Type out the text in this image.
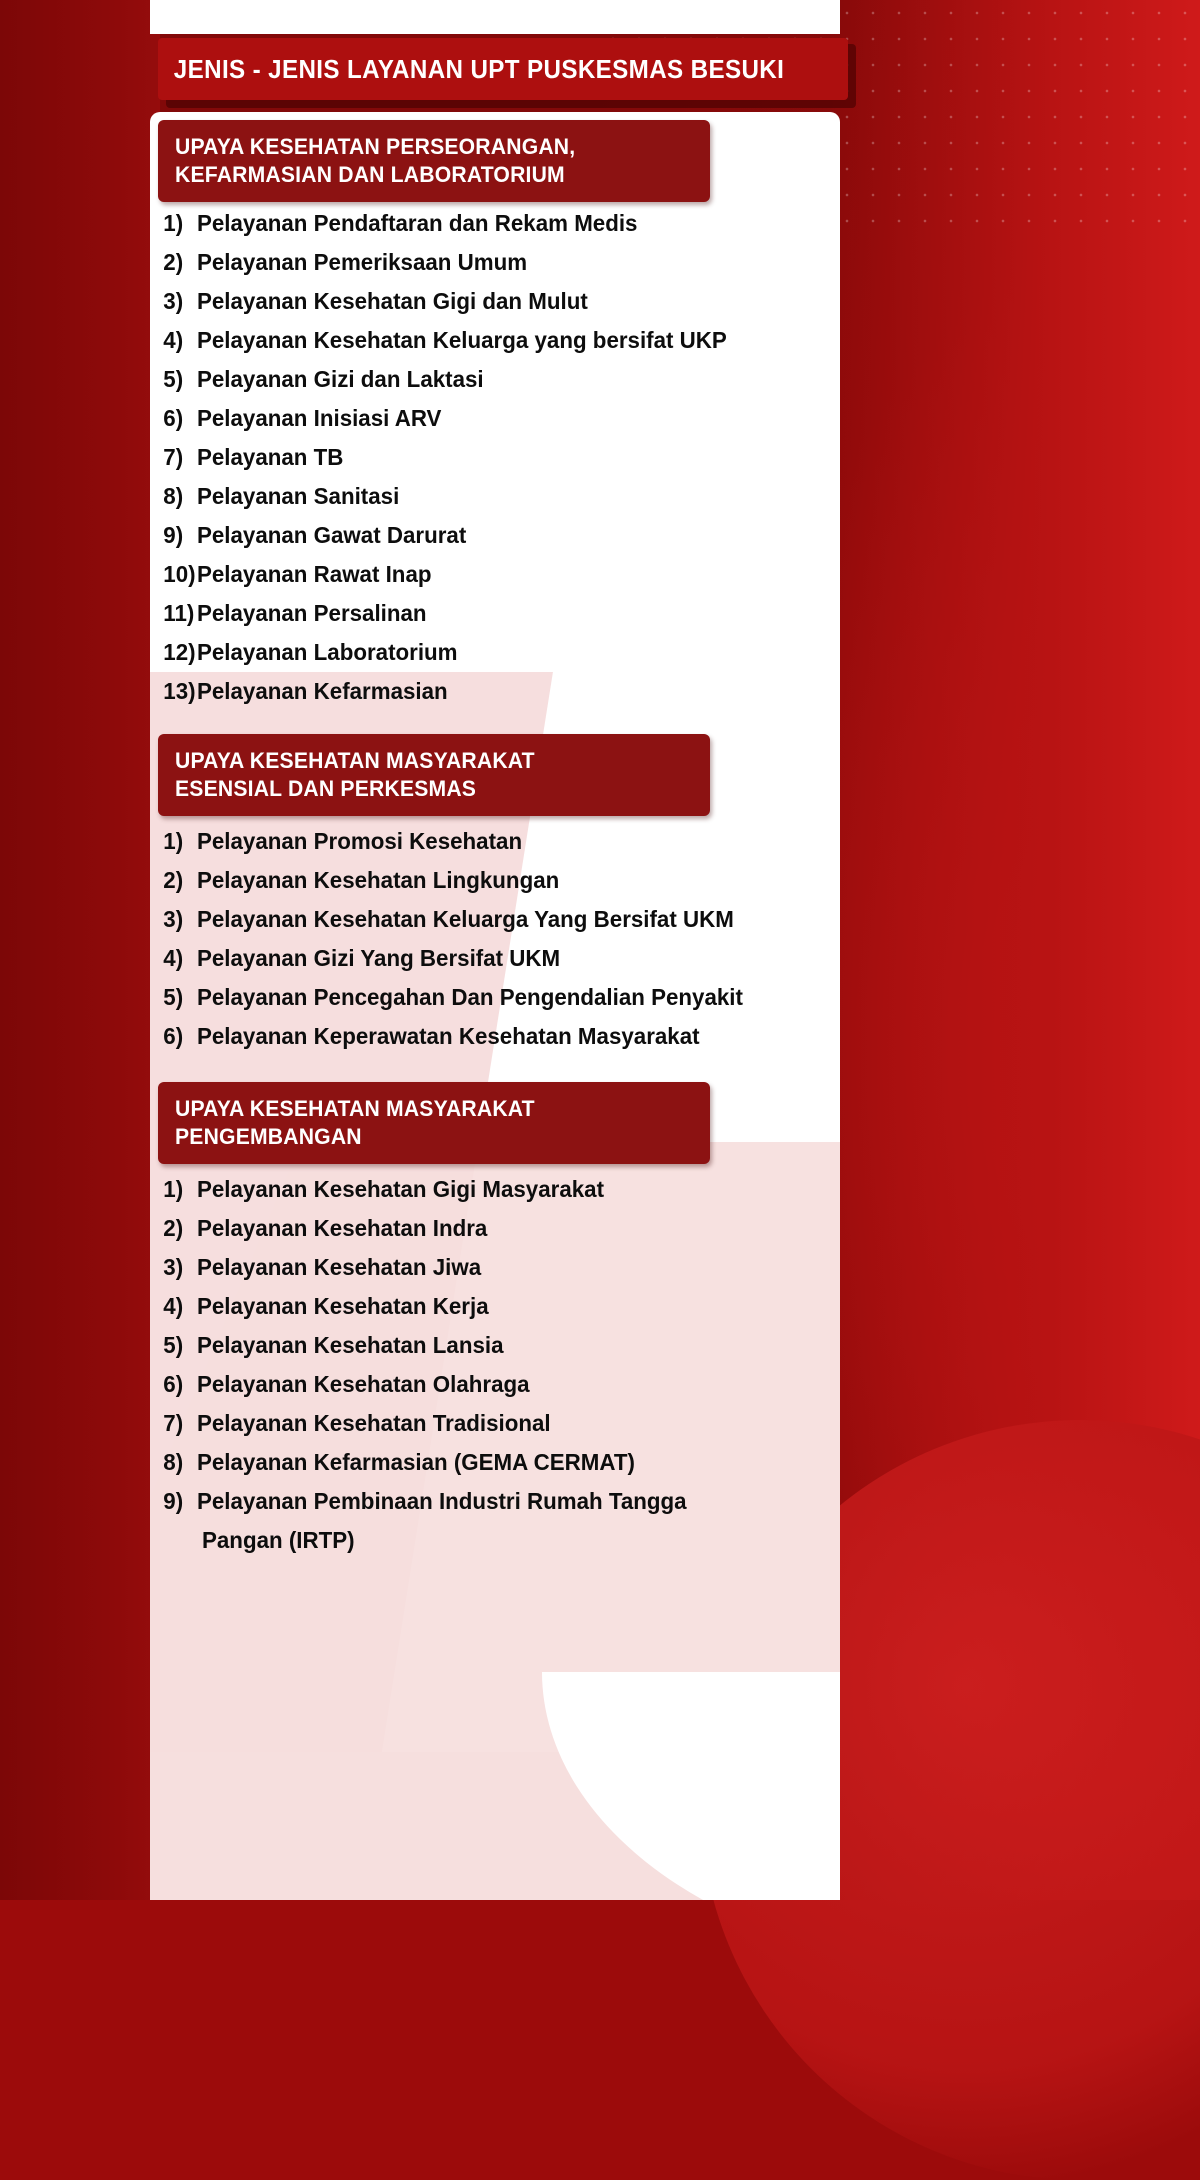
JENIS - JENIS LAYANAN UPT PUSKESMAS BESUKI
UPAYA KESEHATAN PERSEORANGAN,
KEFARMASIAN DAN LABORATORIUM
1) Pelayanan Pendaftaran dan Rekam Medis
2) Pelayanan Pemeriksaan Umum
3) Pelayanan Kesehatan Gigi dan Mulut
4) Pelayanan Kesehatan Keluarga yang bersifat UKP
5) Pelayanan Gizi dan Laktasi
6) Pelayanan Inisiasi ARV
7) Pelayanan TB
8) Pelayanan Sanitasi
9) Pelayanan Gawat Darurat
10) Pelayanan Rawat Inap
11) Pelayanan Persalinan
12) Pelayanan Laboratorium
13) Pelayanan Kefarmasian
UPAYA KESEHATAN MASYARAKAT
ESENSIAL DAN PERKESMAS
1) Pelayanan Promosi Kesehatan
2) Pelayanan Kesehatan Lingkungan
3) Pelayanan Kesehatan Keluarga Yang Bersifat UKM
4) Pelayanan Gizi Yang Bersifat UKM
5) Pelayanan Pencegahan Dan Pengendalian Penyakit
6) Pelayanan Keperawatan Kesehatan Masyarakat
UPAYA KESEHATAN MASYARAKAT
PENGEMBANGAN
1) Pelayanan Kesehatan Gigi Masyarakat
2) Pelayanan Kesehatan Indra
3) Pelayanan Kesehatan Jiwa
4) Pelayanan Kesehatan Kerja
5) Pelayanan Kesehatan Lansia
6) Pelayanan Kesehatan Olahraga
7) Pelayanan Kesehatan Tradisional
8) Pelayanan Kefarmasian (GEMA CERMAT)
9) Pelayanan Pembinaan Industri Rumah Tangga
Pangan (IRTP)
